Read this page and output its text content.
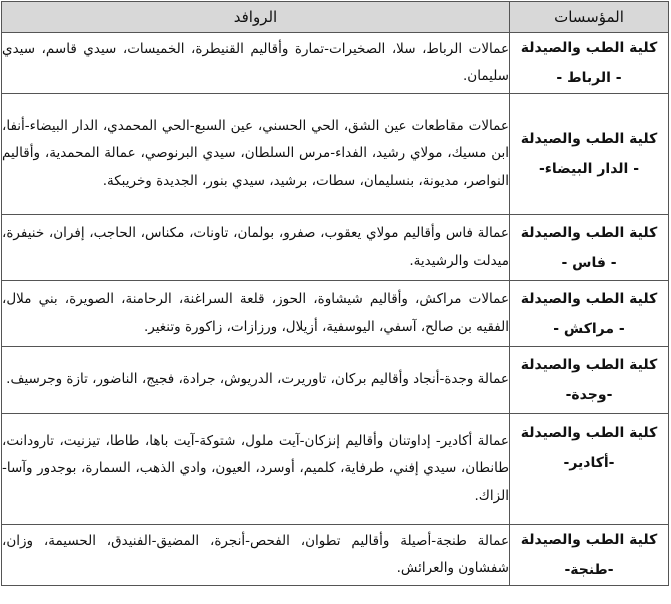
المؤسسات	الروافد

كلية الطب والصيدلة
- الرباط -	عمالات الرباط، سلا، الصخيرات-تمارة وأقاليم القنيطرة، الخميسات، سيدي قاسم، سيدي سليمان.

كلية الطب والصيدلة
- الدار البيضاء-	عمالات مقاطعات عين الشق، الحي الحسني، عين السبع-الحي المحمدي، الدار البيضاء-أنفا، ابن مسيك، مولاي رشيد، الفداء-مرس السلطان، سيدي البرنوصي، عمالة المحمدية، وأقاليم النواصر، مديونة، بنسليمان، سطات، برشيد، سيدي بنور، الجديدة وخريبكة.

كلية الطب والصيدلة
- فاس -	عمالة فاس وأقاليم مولاي يعقوب، صفرو، بولمان، تاونات، مكناس، الحاجب، إفران، خنيفرة، ميدلت والرشيدية.

كلية الطب والصيدلة
- مراكش -	عمالات مراكش، وأقاليم شيشاوة، الحوز، قلعة السراغنة، الرحامنة، الصويرة، بني ملال، الفقيه بن صالح، آسفي، اليوسفية، أزيلال، ورزازات، زاكورة وتنغير.

كلية الطب والصيدلة
-وجدة-	عمالة وجدة-أنجاد وأقاليم بركان، تاوريرت، الدريوش، جرادة، فجيج، الناضور، تازة وجرسيف.

كلية الطب والصيدلة
-أكادير-	عمالة أكادير- إداوتنان وأقاليم إنزكان-آيت ملول، شتوكة-آيت باها، طاطا، تيزنيت، تارودانت، طانطان، سيدي إفني، طرفاية، كلميم، أوسرد، العيون، وادي الذهب، السمارة، بوجدور وآسا-الزاك.

كلية الطب والصيدلة
-طنجة-	عمالة طنجة-أصيلة وأقاليم تطوان، الفحص-أنجرة، المضيق-الفنيدق، الحسيمة، وزان، شفشاون والعرائش.
